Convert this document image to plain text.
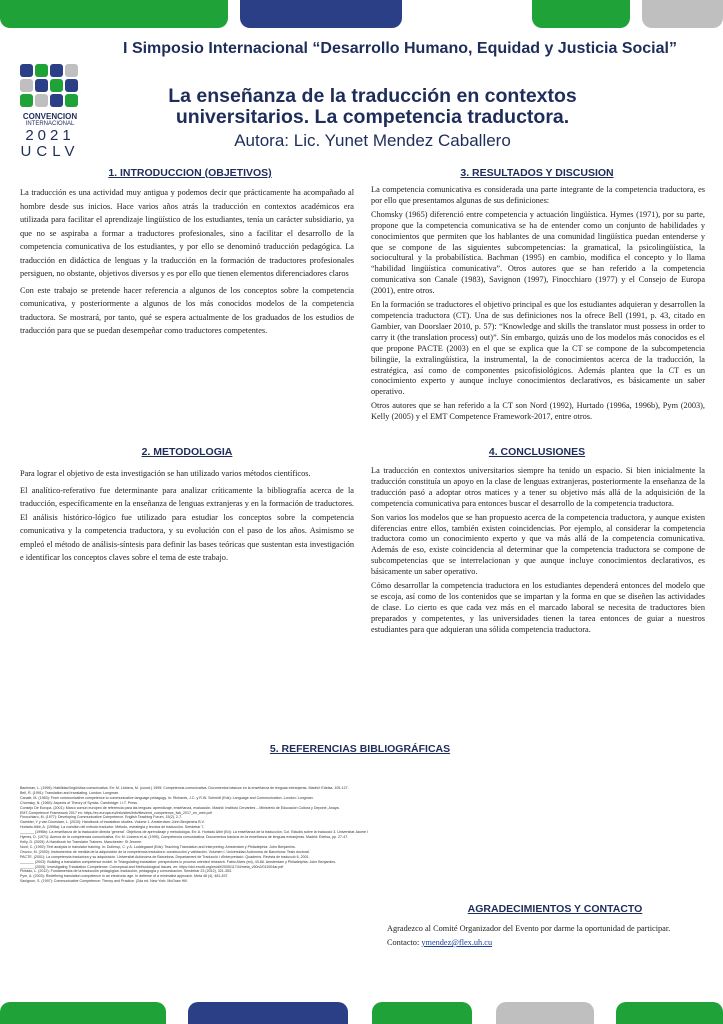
CONVENCION
INTERNACIONAL
2021
UCLV
I Simposio Internacional “Desarrollo Humano, Equidad y Justicia Social”
La enseñanza de la traducción en contextos universitarios. La competencia traductora.
Autora: Lic. Yunet Mendez Caballero
1. INTRODUCCION (OBJETIVOS)

La traducción es una actividad muy antigua y podemos decir que prácticamente ha acompañado al hombre desde sus inicios. Hace varios años atrás la traducción en contextos académicos era utilizada para facilitar el aprendizaje lingüístico de los estudiantes, tenía un carácter subsidiario, ya que no se aspiraba a formar a traductores profesionales, sino a facilitar el desarrollo de la competencia comunicativa de los estudiantes, y por ello se denominó traducción pedagógica. La traducción en didáctica de lenguas y la traducción en la formación de traductores profesionales persiguen, no obstante, objetivos diversos y es por ello que tienen elementos diferenciadores claros

Con este trabajo se pretende hacer referencia a algunos de los conceptos sobre la competencia comunicativa, y posteriormente a algunos de los más conocidos modelos de la competencia traductora. Se mostrará, por tanto, qué se espera actualmente de los graduados de los estudios de traducción para que se puedan desempeñar como traductores competentes.

3. RESULTADOS Y DISCUSION

La competencia comunicativa es considerada una parte integrante de la competencia traductora, es por ello que presentamos algunas de sus definiciones:

Chomsky (1965) diferenció entre competencia y actuación lingüística. Hymes (1971), por su parte, propone que la competencia comunicativa se ha de entender como un conjunto de habilidades y conocimientos que permiten que los hablantes de una comunidad lingüística puedan entenderse y que se compone de las siguientes subcompetencias: la gramatical, la psicolingüística, la sociocultural y la probabilística. Bachman (1995) en cambio, modifica el concepto y lo llama “habilidad lingüística comunicativa”. Otros autores que se han referido a la competencia comunicativa son Canale (1983), Savignon (1997), Finocchiaro (1977) y el Consejo de Europa (2001), entre otros.

En la formación se traductores el objetivo principal es que los estudiantes adquieran y desarrollen la competencia traductora (CT). Una de sus definiciones nos la ofrece Bell (1991, p. 43, citado en Gambier, van Doorslaer 2010, p. 57): “Knowledge and skills the translator must possess in order to carry it (the translation process) out)”. Sin embargo, quizás uno de los modelos más conocidos es el que propone PACTE (2003) en el que se explica que la CT se compone de la subcompetencia bilingüe, la extralingüística, la instrumental, la de conocimientos acerca de la traducción, la estratégica, así como de componentes psicofisiológicos. Además plantea que la CT es un conocimiento experto y aunque incluye conocimientos declarativos, es básicamente un saber operativo.

Otros autores que se han referido a la CT son Nord (1992), Hurtado (1996a, 1996b), Pym (2003), Kelly (2005) y el EMT Competence Framework-2017, entre otros.

2. METODOLOGIA

Para lograr el objetivo de esta investigación se han utilizado varios métodos científicos.

El analítico-referativo fue determinante para analizar críticamente la bibliografía acerca de la traducción, específicamente en la enseñanza de lenguas extranjeras y en la formación de traductores. El análisis histórico-lógico fue utilizado para estudiar los conceptos sobre la competencia comunicativa y la competencia traductora, y su evolución con el paso de los años. Asimismo se empleó el método de análisis-síntesis para definir las bases teóricas que sustentan esta investigación e identificar los conceptos claves sobre el tema de este trabajo.

4. CONCLUSIONES

La traducción en contextos universitarios siempre ha tenido un espacio. Si bien inicialmente la traducción constituía un apoyo en la clase de lenguas extranjeras, posteriormente la enseñanza de la traducción pasó a adoptar otros matices y a tener su objetivo más allá de la adquisición de la competencia comunicativa para entonces buscar el desarrollo de la competencia traductora.

Son varios los modelos que se han propuesto acerca de la competencia traductora, y aunque existen diferencias entre ellos, también existen coincidencias. Por ejemplo, al considerar la competencia traductora como un conocimiento experto y que va más allá de la competencia comunicativa. Además de eso, existe coincidencia al determinar que la competencia traductora se compone de subcompetencias que se interrelacionan y que aunque incluye conocimientos declarativos, es básicamente un saber operativo.

Cómo desarrollar la competencia traductora en los estudiantes dependerá entonces del modelo que se escoja, así como de los contenidos que se impartan y la forma en que se diseñen las actividades de clase. Lo cierto es que cada vez más en el marcado laboral se necesita de traductores bien preparados y competentes, y las universidades tienen la tarea entonces de guiar a nuestros estudiantes para que adquieran una sólida competencia traductora.

5. REFERENCIAS BIBLIOGRÁFICAS
Bachman, L. (1995): Habilidad lingüística comunicativa. En: M. Llobera, M. (coord.) 1995: Competencia comunicativa. Documentos básicos en la enseñanza de lenguas extranjeras. Madrid: Edelsa, 105-127.
Bell, R. (1991): Translation and translating. London: Longman.
Canale, M. (1983): From communicative competence to communicative language pedagogy. In: Richards, J.C. y R.W. Schmidt (Eds): Language and Communication. London: Longman.
Chomsky, N. (1965): Aspects of Theory of Syntax. Cambridge: I.I.T. Press.
Consejo De Europa. (2001): Marco común europeo de referencia para las lenguas: aprendizaje, enseñanza, evaluación. Madrid: Instituto Cervantes – Ministerio de Educación Cultura y Deporte, Anaya.
EMT-Competence Framework 2017 en: https://ec.europa.eu/info/sites/info/files/emt_competence_fwk_2017_en_web.pdf
Finocchiaro, M. (1977): Developing Communicative Competence. English Teaching Forum, 15(2), 2-7.
Gambier, Y y van Doorslaer, L. (2010): Handbook of translation studies. Volume 1. Amsterdam: John Benjamins B.V.
Hurtado Albir, A. (1996a): La cuestión del método traductor. Método, estrategia y técnica de traducción. Sendebar 7,
_______ (1996b): La enseñanza de la traducción directa 'general'. Objetivos de aprendizaje y metodología. En: A. Hurtado Albir (Ed): La enseñanza de la traducción. Col. Estudis sobre la traducció 3. Universitat Jaume I
Hymes, D. (1971): Acerca de la competencia comunicativa. En: M. Llobera et al. (1995), Competencia comunicativa. Documentos básicos en la enseñanza de lenguas extranjeras. Madrid: Edelsa, pp. 27-47.
Kelly, D. (2005): A Handbook for Translator Trainers. Manchester: St Jerome.
Nord, C. (1992): Text analysis in translator training. In: Dollerup, C. y A. Loddegaard (Eds): Teaching Translation and Interpreting. Amsterdam y Philadelphia: John Benjamins.
Orozco, M. (2000): Instrumentos de medida de la adquisición de la competencia traductora: construcción y validación. Volumen I. Universidad Autónoma de Barcelona: Tesis doctoral.
PACTE. (2001): La competencia traductora y su adquisición. Universitat Autònoma de Barcelona, Departament de Traducció i d'Interpretació. Quaderns. Revista de traducció 6, 2001.
_______ (2003): Building a translation competence model. In Triangulating translation: perspectives in process oriented research. Fabio Alves (ed), 43-66. Amsterdam y Philadelphia: John Benjamins.
_______ (2005): Investigating Translation Competence: Conceptual and Methodological Issues, en: https://doi.erudit.org/erudit/2005/11744/meta_v50n2/011004ar.pdf
Pintado, L. (2012): Fundamentos de la traducción pedagógica: traducción, pedagogía y comunicación. Sendebar 23 (2012), 321-353.
Pym, A. (2003): Redefining translation competence in an electronic age. In defense of a minimalist approach. Meta 48 (4), 481-497.
Savignon, S. (1997): Communicative Competence: Theory and Practice. (2da ed. New York: McGraw Hill.
AGRADECIMIENTOS Y CONTACTO
Agradezco al Comité Organizador del Evento por darme la oportunidad de participar.
Contacto: ymendez@flex.uh.cu
